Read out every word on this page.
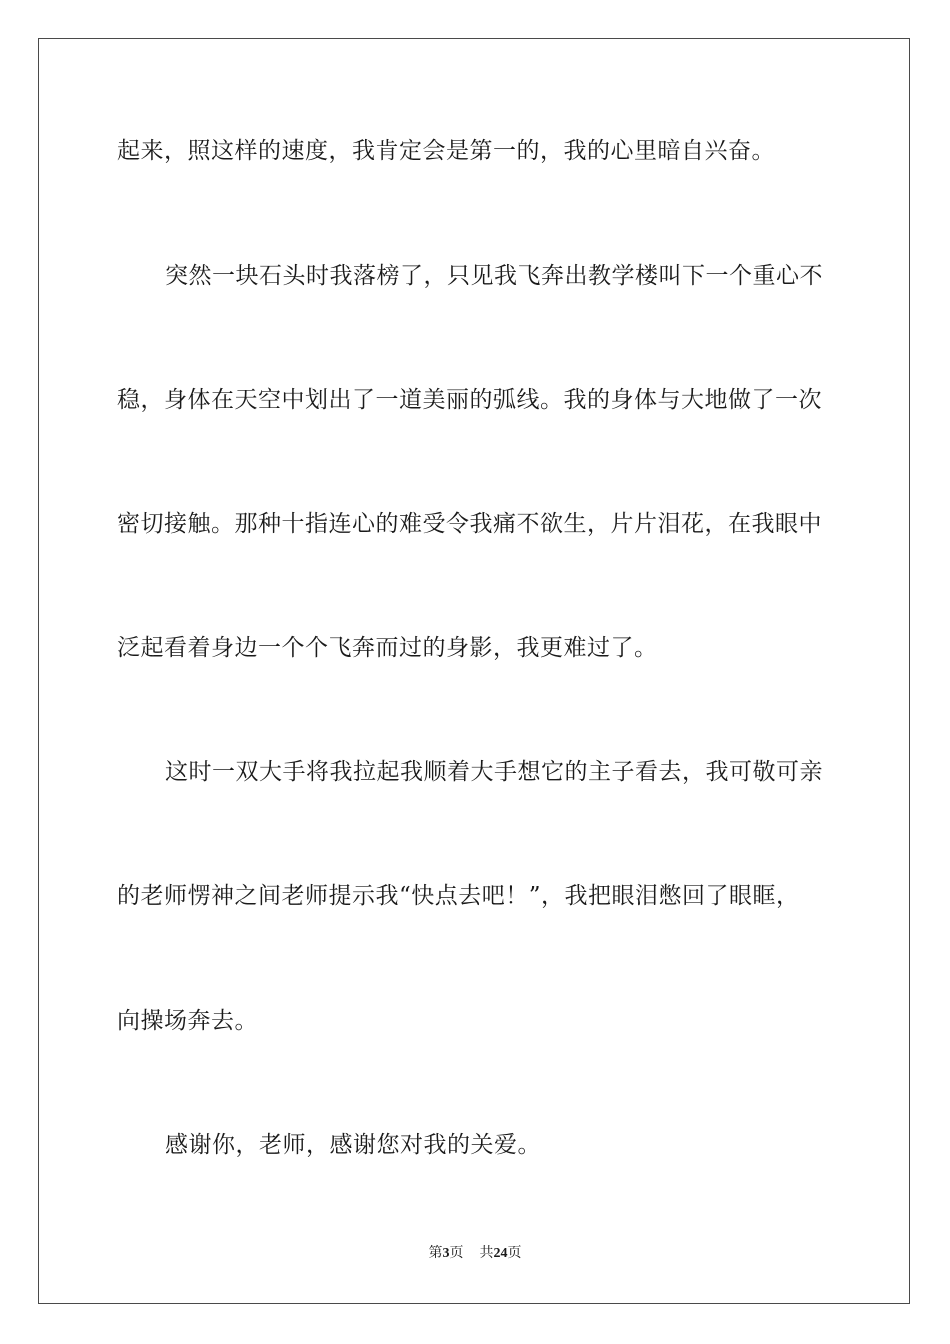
起来，照这样的速度，我肯定会是第一的，我的心里暗自兴奋。
突然一块石头时我落榜了，只见我飞奔出教学楼叫下一个重心不
稳，身体在天空中划出了一道美丽的弧线。我的身体与大地做了一次
密切接触。那种十指连心的难受令我痛不欲生，片片泪花，在我眼中
泛起看着身边一个个飞奔而过的身影，我更难过了。
这时一双大手将我拉起我顺着大手想它的主子看去，我可敬可亲
的老师愣神之间老师提示我“快点去吧！”，我把眼泪憋回了眼眶，
向操场奔去。
感谢你，老师，感谢您对我的关爱。
第3页 共24页
